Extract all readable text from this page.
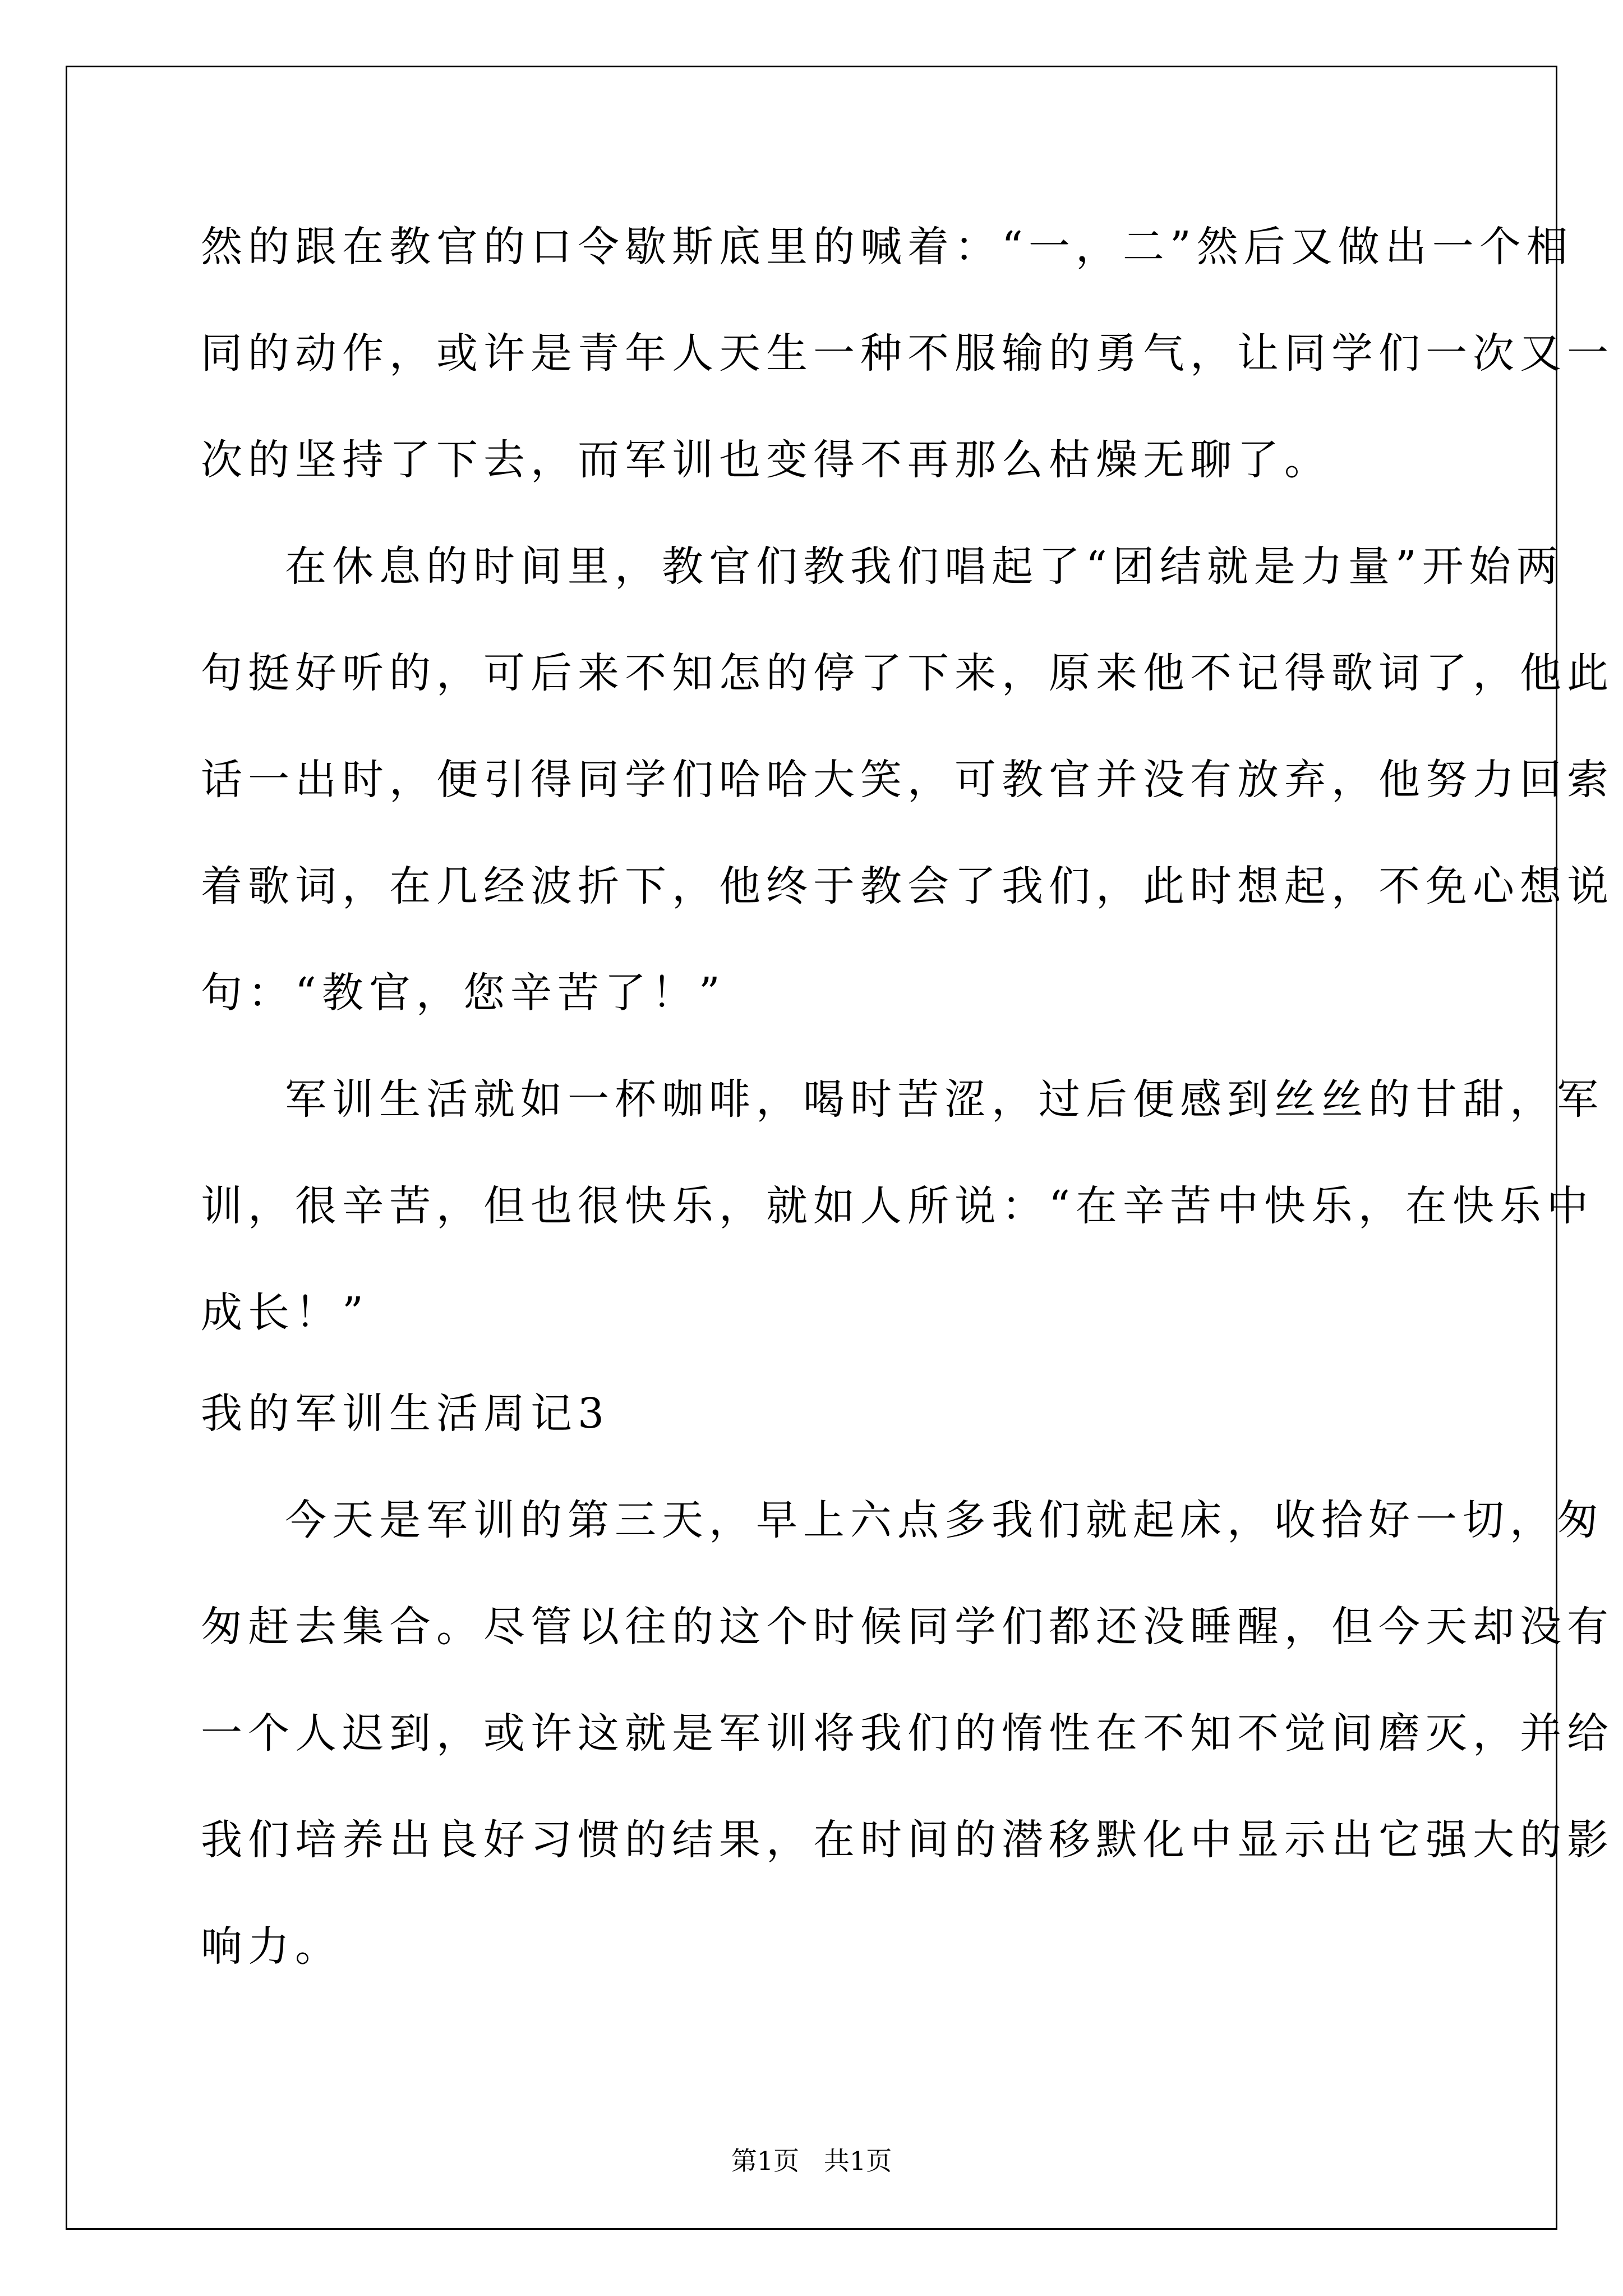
然的跟在教官的口令歇斯底里的喊着：“一，二”然后又做出一个相
同的动作，或许是青年人天生一种不服输的勇气，让同学们一次又一
次的坚持了下去，而军训也变得不再那么枯燥无聊了。
在休息的时间里，教官们教我们唱起了“团结就是力量”开始两
句挺好听的，可后来不知怎的停了下来，原来他不记得歌词了，他此
话一出时，便引得同学们哈哈大笑，可教官并没有放弃，他努力回索
着歌词，在几经波折下，他终于教会了我们，此时想起，不免心想说
句：“教官，您辛苦了！”
军训生活就如一杯咖啡，喝时苦涩，过后便感到丝丝的甘甜，军
训，很辛苦，但也很快乐，就如人所说：“在辛苦中快乐，在快乐中
成长！”
我的军训生活周记3
今天是军训的第三天，早上六点多我们就起床，收拾好一切，匆
匆赶去集合。尽管以往的这个时候同学们都还没睡醒，但今天却没有
一个人迟到，或许这就是军训将我们的惰性在不知不觉间磨灭，并给
我们培养出良好习惯的结果，在时间的潜移默化中显示出它强大的影
响力。
第1页   共1页
